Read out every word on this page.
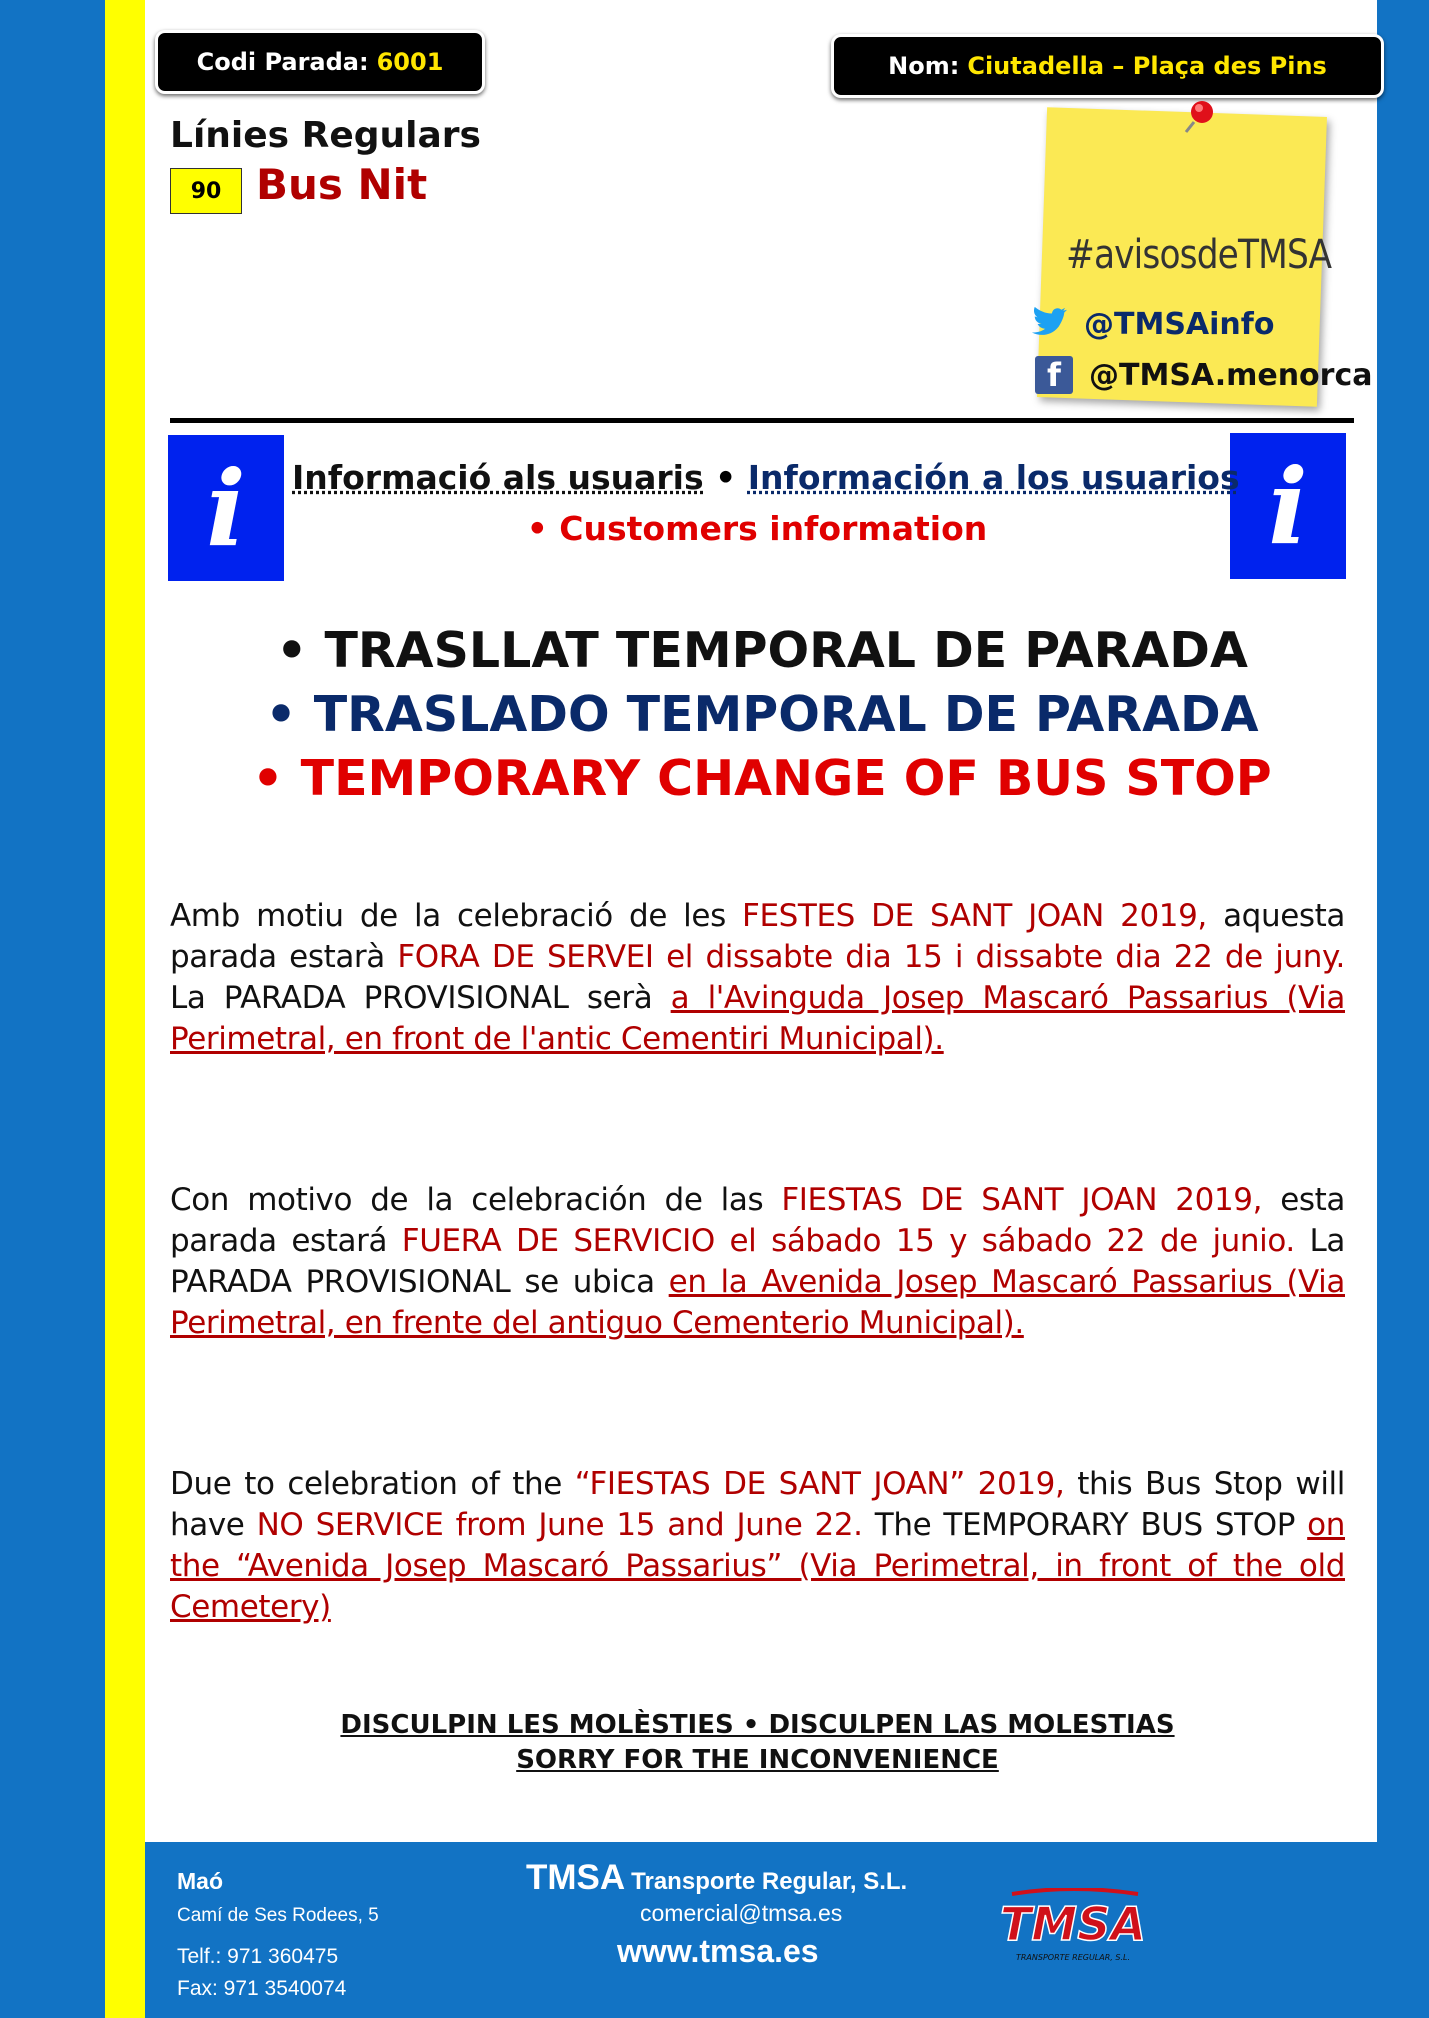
Codi Parada: 6001	Nom: Ciutadella – Plaça des Pins
Línies Regulars
90 Bus Nit
#avisosdeTMSA
@TMSAinfo
f @TMSA.menorca
i	i
Informació als usuaris • Información a los usuarios
• Customers information
• TRASLLAT TEMPORAL DE PARADA
• TRASLADO TEMPORAL DE PARADA
• TEMPORARY CHANGE OF BUS STOP
Amb motiu de la celebració de les FESTES DE SANT JOAN 2019, aquesta parada estarà FORA DE SERVEI el dissabte dia 15 i dissabte dia 22 de juny. La PARADA PROVISIONAL serà a l'Avinguda Josep Mascaró Passarius (Via Perimetral, en front de l'antic Cementiri Municipal).
Con motivo de la celebración de las FIESTAS DE SANT JOAN 2019, esta parada estará FUERA DE SERVICIO el sábado 15 y sábado 22 de junio. La PARADA PROVISIONAL se ubica en la Avenida Josep Mascaró Passarius (Via Perimetral, en frente del antiguo Cementerio Municipal).
Due to celebration of the “FIESTAS DE SANT JOAN” 2019, this Bus Stop will have NO SERVICE from June 15 and June 22. The TEMPORARY BUS STOP on the “Avenida Josep Mascaró Passarius” (Via Perimetral, in front of the old Cemetery)
DISCULPIN LES MOLÈSTIES • DISCULPEN LAS MOLESTIAS
SORRY FOR THE INCONVENIENCE
Maó
Camí de Ses Rodees, 5
Telf.: 971 360475
Fax: 971 3540074
TMSA Transporte Regular, S.L.
comercial@tmsa.es
www.tmsa.es	TMSA
TRANSPORTE REGULAR, S.L.
